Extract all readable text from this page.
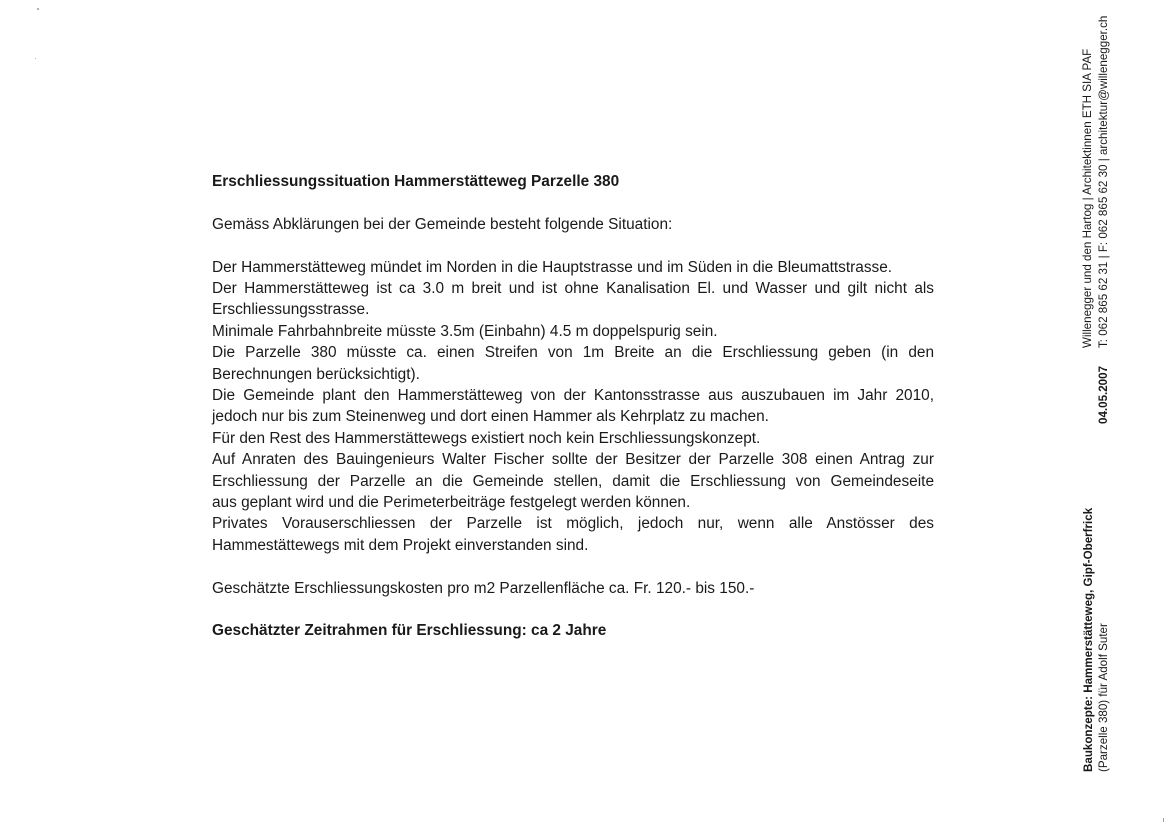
Erschliessungssituation Hammerstätteweg Parzelle 380

Gemäss Abklärungen bei der Gemeinde besteht folgende Situation:

Der Hammerstätteweg mündet im Norden in die Hauptstrasse und im Süden in die Bleumattstrasse.

Der Hammerstätteweg ist ca 3.0 m breit und ist ohne Kanalisation El. und Wasser und gilt nicht als

Erschliessungsstrasse.

Minimale Fahrbahnbreite müsste 3.5m (Einbahn) 4.5 m doppelspurig sein.

Die Parzelle 380 müsste ca. einen Streifen von 1m Breite an die Erschliessung geben (in den

Berechnungen berücksichtigt).

Die Gemeinde plant den Hammerstätteweg von der Kantonsstrasse aus auszubauen im Jahr 2010,

jedoch nur bis zum Steinenweg und dort einen Hammer als Kehrplatz zu machen.

Für den Rest des Hammerstättewegs existiert noch kein Erschliessungskonzept.

Auf Anraten des Bauingenieurs Walter Fischer sollte der Besitzer der Parzelle 308 einen Antrag zur

Erschliessung der Parzelle an die Gemeinde stellen, damit die Erschliessung von Gemeindeseite

aus geplant wird und die Perimeterbeiträge festgelegt werden können.

Privates Vorauserschliessen der Parzelle ist möglich, jedoch nur, wenn alle Anstösser des

Hammestättewegs mit dem Projekt einverstanden sind.

Geschätzte Erschliessungskosten pro m2 Parzellenfläche ca. Fr. 120.- bis 150.-

Geschätzter Zeitrahmen für Erschliessung: ca 2 Jahre	Baukonzepte: Hammerstätteweg, Gipf-Oberfrick (Parzelle 380) für Adolf Suter
04.05.2007
Willenegger und den Hartog | Architektinnen ETH SIA PAF T: 062 865 62 31 | F: 062 865 62 30 | architektur@willenegger.ch
